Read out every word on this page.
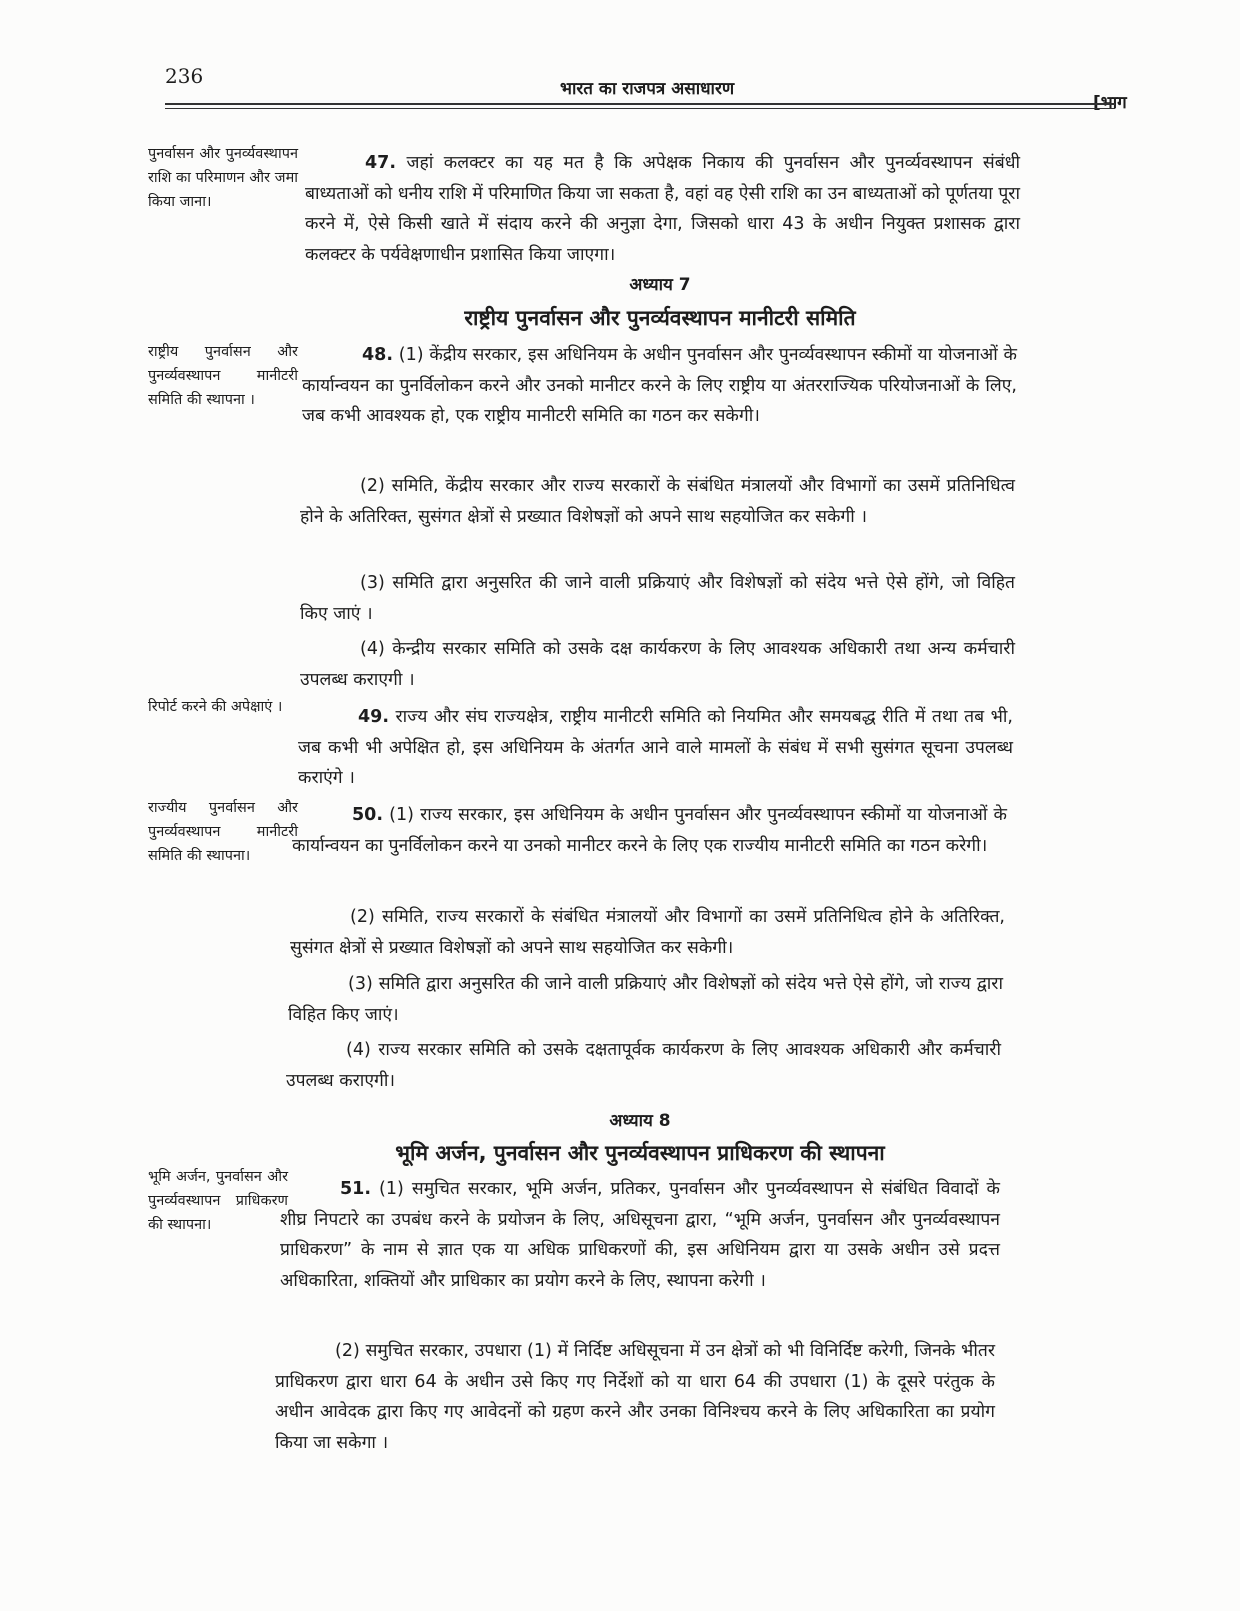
236
भारत का राजपत्र असाधारण
[भाग
पुनर्वासन और पुनर्व्यवस्थापन राशि का परिमाणन और जमा किया जाना।
47. जहां कलक्टर का यह मत है कि अपेक्षक निकाय की पुनर्वासन और पुनर्व्यवस्थापन संबंधी बाध्यताओं को धनीय राशि में परिमाणित किया जा सकता है, वहां वह ऐसी राशि का उन बाध्यताओं को पूर्णतया पूरा करने में, ऐसे किसी खाते में संदाय करने की अनुज्ञा देगा, जिसको धारा 43 के अधीन नियुक्त प्रशासक द्वारा कलक्टर के पर्यवेक्षणाधीन प्रशासित किया जाएगा।
अध्याय 7
राष्ट्रीय पुनर्वासन और पुनर्व्यवस्थापन मानीटरी समिति
राष्ट्रीय पुनर्वासन और पुनर्व्यवस्थापन मानीटरी समिति की स्थापना ।
48. (1) केंद्रीय सरकार, इस अधिनियम के अधीन पुनर्वासन और पुनर्व्यवस्थापन स्कीमों या योजनाओं के कार्यान्वयन का पुनर्विलोकन करने और उनको मानीटर करने के लिए राष्ट्रीय या अंतरराज्यिक परियोजनाओं के लिए, जब कभी आवश्यक हो, एक राष्ट्रीय मानीटरी समिति का गठन कर सकेगी।
(2) समिति, केंद्रीय सरकार और राज्य सरकारों के संबंधित मंत्रालयों और विभागों का उसमें प्रतिनिधित्व होने के अतिरिक्त, सुसंगत क्षेत्रों से प्रख्यात विशेषज्ञों को अपने साथ सहयोजित कर सकेगी ।
(3) समिति द्वारा अनुसरित की जाने वाली प्रक्रियाएं और विशेषज्ञों को संदेय भत्ते ऐसे होंगे, जो विहित किए जाएं ।
(4) केन्द्रीय सरकार समिति को उसके दक्ष कार्यकरण के लिए आवश्यक अधिकारी तथा अन्य कर्मचारी उपलब्ध कराएगी ।
रिपोर्ट करने की अपेक्षाएं ।	49. राज्य और संघ राज्यक्षेत्र, राष्ट्रीय मानीटरी समिति को नियमित और समयबद्ध रीति में तथा तब भी, जब कभी भी अपेक्षित हो, इस अधिनियम के अंतर्गत आने वाले मामलों के संबंध में सभी सुसंगत सूचना उपलब्ध कराएंगे ।
राज्यीय पुनर्वासन और पुनर्व्यवस्थापन मानीटरी समिति की स्थापना।
50. (1) राज्य सरकार, इस अधिनियम के अधीन पुनर्वासन और पुनर्व्यवस्थापन स्कीमों या योजनाओं के कार्यान्वयन का पुनर्विलोकन करने या उनको मानीटर करने के लिए एक राज्यीय मानीटरी समिति का गठन करेगी।
(2) समिति, राज्य सरकारों के संबंधित मंत्रालयों और विभागों का उसमें प्रतिनिधित्व होने के अतिरिक्त, सुसंगत क्षेत्रों से प्रख्यात विशेषज्ञों को अपने साथ सहयोजित कर सकेगी।
(3) समिति द्वारा अनुसरित की जाने वाली प्रक्रियाएं और विशेषज्ञों को संदेय भत्ते ऐसे होंगे, जो राज्य द्वारा विहित किए जाएं।
(4) राज्य सरकार समिति को उसके दक्षतापूर्वक कार्यकरण के लिए आवश्यक अधिकारी और कर्मचारी उपलब्ध कराएगी।
अध्याय 8
भूमि अर्जन, पुनर्वासन और पुनर्व्यवस्थापन प्राधिकरण की स्थापना
भूमि अर्जन, पुनर्वासन और पुनर्व्यवस्थापन प्राधिकरण की स्थापना।
51. (1) समुचित सरकार, भूमि अर्जन, प्रतिकर, पुनर्वासन और पुनर्व्यवस्थापन से संबंधित विवादों के शीघ्र निपटारे का उपबंध करने के प्रयोजन के लिए, अधिसूचना द्वारा, “भूमि अर्जन, पुनर्वासन और पुनर्व्यवस्थापन प्राधिकरण” के नाम से ज्ञात एक या अधिक प्राधिकरणों की, इस अधिनियम द्वारा या उसके अधीन उसे प्रदत्त अधिकारिता, शक्तियों और प्राधिकार का प्रयोग करने के लिए, स्थापना करेगी ।
(2) समुचित सरकार, उपधारा (1) में निर्दिष्ट अधिसूचना में उन क्षेत्रों को भी विनिर्दिष्ट करेगी, जिनके भीतर प्राधिकरण द्वारा धारा 64 के अधीन उसे किए गए निर्देशों को या धारा 64 की उपधारा (1) के दूसरे परंतुक के अधीन आवेदक द्वारा किए गए आवेदनों को ग्रहण करने और उनका विनिश्चय करने के लिए अधिकारिता का प्रयोग किया जा सकेगा ।
